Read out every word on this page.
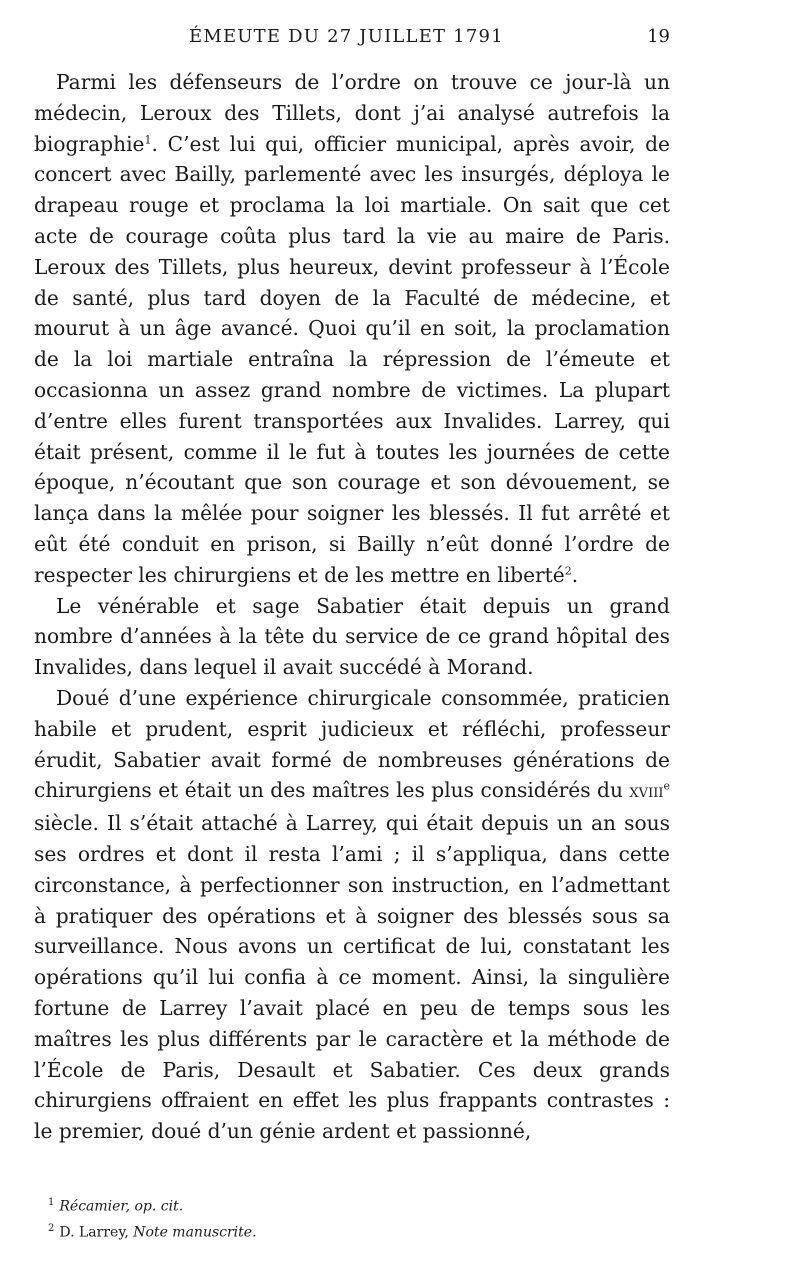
ÉMEUTE DU 27 JUILLET 1791	19

Parmi les défenseurs de l’ordre on trouve ce jour-là un médecin, Leroux des Tillets, dont j’ai analysé autrefois la biographie$^1$. C’est lui qui, officier municipal, après avoir, de concert avec Bailly, parlementé avec les insurgés, déploya le drapeau rouge et proclama la loi martiale. On sait que cet acte de courage coûta plus tard la vie au maire de Paris. Leroux des Tillets, plus heureux, devint professeur à l’École de santé, plus tard doyen de la Faculté de médecine, et mourut à un âge avancé. Quoi qu’il en soit, la proclamation de la loi martiale entraîna la répression de l’émeute et occasionna un assez grand nombre de victimes. La plupart d’entre elles furent transportées aux Invalides. Larrey, qui était présent, comme il le fut à toutes les journées de cette époque, n’écoutant que son courage et son dévouement, se lança dans la mêlée pour soigner les blessés. Il fut arrêté et eût été conduit en prison, si Bailly n’eût donné l’ordre de respecter les chirurgiens et de les mettre en liberté$^2$.

Le vénérable et sage Sabatier était depuis un grand nombre d’années à la tête du service de ce grand hôpital des Invalides, dans lequel il avait succédé à Morand.

Doué d’une expérience chirurgicale consommée, praticien habile et prudent, esprit judicieux et réfléchi, professeur érudit, Sabatier avait formé de nombreuses générations de chirurgiens et était un des maîtres les plus considérés du xviii$^e$ siècle. Il s’était attaché à Larrey, qui était depuis un an sous ses ordres et dont il resta l’ami ; il s’appliqua, dans cette circonstance, à perfectionner son instruction, en l’admettant à pratiquer des opérations et à soigner des blessés sous sa surveillance. Nous avons un certificat de lui, constatant les opérations qu’il lui confia à ce moment. Ainsi, la singulière fortune de Larrey l’avait placé en peu de temps sous les maîtres les plus différents par le caractère et la méthode de l’École de Paris, Desault et Sabatier. Ces deux grands chirurgiens offraient en effet les plus frappants contrastes : le premier, doué d’un génie ardent et passionné,

$^1$ Récamier, op. cit.
$^2$ D. Larrey, Note manuscrite.
